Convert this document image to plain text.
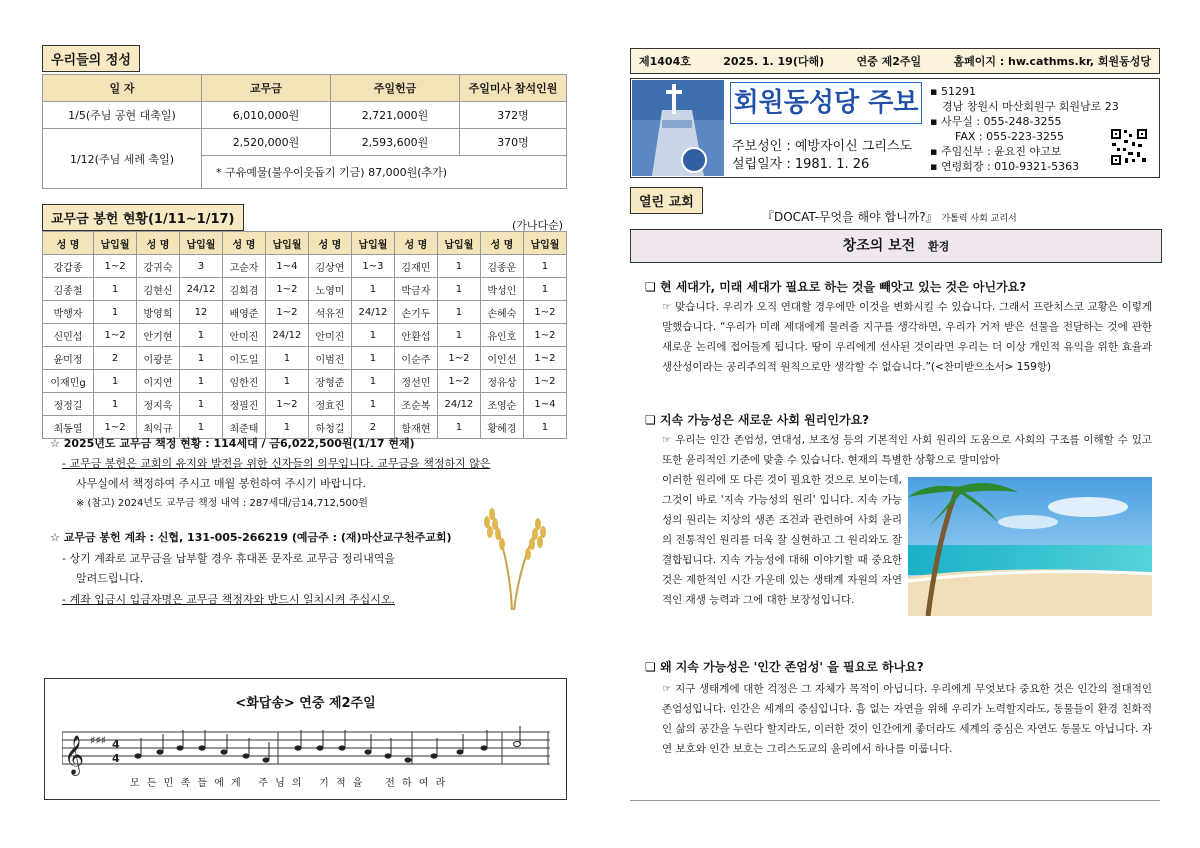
우리들의 정성
일 자	교무금	주일헌금	주일미사 참석인원
1/5(주님 공현 대축일)	6,010,000원	2,721,000원	372명
1/12(주님 세례 축일)	2,520,000원	2,593,600원	370명
	* 구유예물(불우이웃돕기 기금) 87,000원(추가)		
교무금 봉헌 현황(1/11~1/17)	(가나다순)
성 명	납입월	성 명	납입월	성 명	납입월	성 명	납입월	성 명	납입월	성 명	납입월
강갑종	1~2	강귀숙	3	고순자	1~4	김상연	1~3	김재민	1	김종운	1
김종철	1	김현신	24/12	김희겸	1~2	노영미	1	박금자	1	박성인	1
박행자	1	방영희	12	배영준	1~2	석유진	24/12	손기두	1	손혜숙	1~2
신민섭	1~2	안기현	1	안미진	24/12	안미진	1	안환섭	1	유인호	1~2
윤미정	2	이광문	1	이도일	1	이범진	1	이순주	1~2	이인선	1~2
이재민g	1	이지연	1	임한진	1	장형준	1	정선민	1~2	정유상	1~2
정정길	1	정지욱	1	정필진	1~2	정효진	1	조순복	24/12	조영순	1~4
최동열	1~2	최익규	1	최준태	1	하청길	2	함재현	1	황혜경	1
☆ 2025년도 교무금 책정 현황 : 114세대 / 금6,022,500원(1/17 현재)
- 교무금 봉헌은 교회의 유지와 발전을 위한 신자들의 의무입니다. 교무금을 책정하지 않은
사무실에서 책정하여 주시고 매월 봉헌하여 주시기 바랍니다.
※ (참고) 2024년도 교무금 책정 내역 : 287세대/금14,712,500원
☆ 교무금 봉헌 계좌 : 신협, 131-005-266219 (예금주 : (재)마산교구천주교회)
- 상기 계좌로 교무금을 납부할 경우 휴대폰 문자로 교무금 정리내역을
알려드립니다.
- 계좌 입금시 입금자명은 교무금 책정자와 반드시 일치시켜 주십시오.
<화답송> 연중 제2주일
𝄞 ♯♯♯ 4
4
모 든 민 족 들 에 게   주 님 의   기 적 을    전 하 여 라
제1404호	2025. 1. 19(다해)	연중 제2주일	홈페이지 : hw.cathms.kr, 회원동성당
회원동성당 주보
주보성인 : 예방자이신 그리스도
설립일자 : 1981. 1. 26
▪ 51291
경남 창원시 마산회원구 회원남로 23
▪ 사무실 : 055-248-3255
FAX : 055-223-3255
▪ 주임신부 : 윤요진 야고보
▪ 연령회장 : 010-9321-5363
열린 교회
『DOCAT-무엇을 해야 합니까?』 가톨릭 사회 교리서
창조의 보전 환경
❏ 현 세대가, 미래 세대가 필요로 하는 것을 빼앗고 있는 것은 아닌가요?
☞ 맞습니다. 우리가 오직 연대할 경우에만 이것을 변화시킬 수 있습니다. 그래서 프란치스코 교황은 이렇게 말했습니다. “우리가 미래 세대에게 물려줄 지구를 생각하면, 우리가 거저 받은 선물을 전달하는 것에 관한 새로운 논리에 접어들게 됩니다. 땅이 우리에게 선사된 것이라면 우리는 더 이상 개인적 유익을 위한 효율과 생산성이라는 공리주의적 원칙으로만 생각할 수 없습니다.”(<찬미받으소서> 159항)
❏ 지속 가능성은 새로운 사회 원리인가요?
☞ 우리는 인간 존엄성, 연대성, 보조성 등의 기본적인 사회 원리의 도움으로 사회의 구조를 이해할 수 있고 또한 윤리적인 기준에 맞출 수 있습니다. 현재의 특별한 상황으로 말미암아
이러한 원리에 또 다른 것이 필요한 것으로 보이는데, 그것이 바로 '지속 가능성의 원리' 입니다. 지속 가능성의 원리는 지상의 생존 조건과 관련하여 사회 윤리의 전통적인 원리를 더욱 잘 실현하고 그 원리와도 잘 결합됩니다. 지속 가능성에 대해 이야기할 때 중요한 것은 제한적인 시간 가운데 있는 생태계 자원의 자연적인 재생 능력과 그에 대한 보장성입니다.
❏ 왜 지속 가능성은 '인간 존엄성' 을 필요로 하나요?
☞ 지구 생태계에 대한 걱정은 그 자체가 목적이 아닙니다. 우리에게 무엇보다 중요한 것은 인간의 절대적인 존엄성입니다. 인간은 세계의 중심입니다. 흠 없는 자연을 위해 우리가 노력할지라도, 동물들이 환경 친화적인 삶의 공간을 누린다 할지라도, 이러한 것이 인간에게 좋더라도 세계의 중심은 자연도 동물도 아닙니다. 자연 보호와 인간 보호는 그리스도교의 윤리에서 하나를 이룹니다.
